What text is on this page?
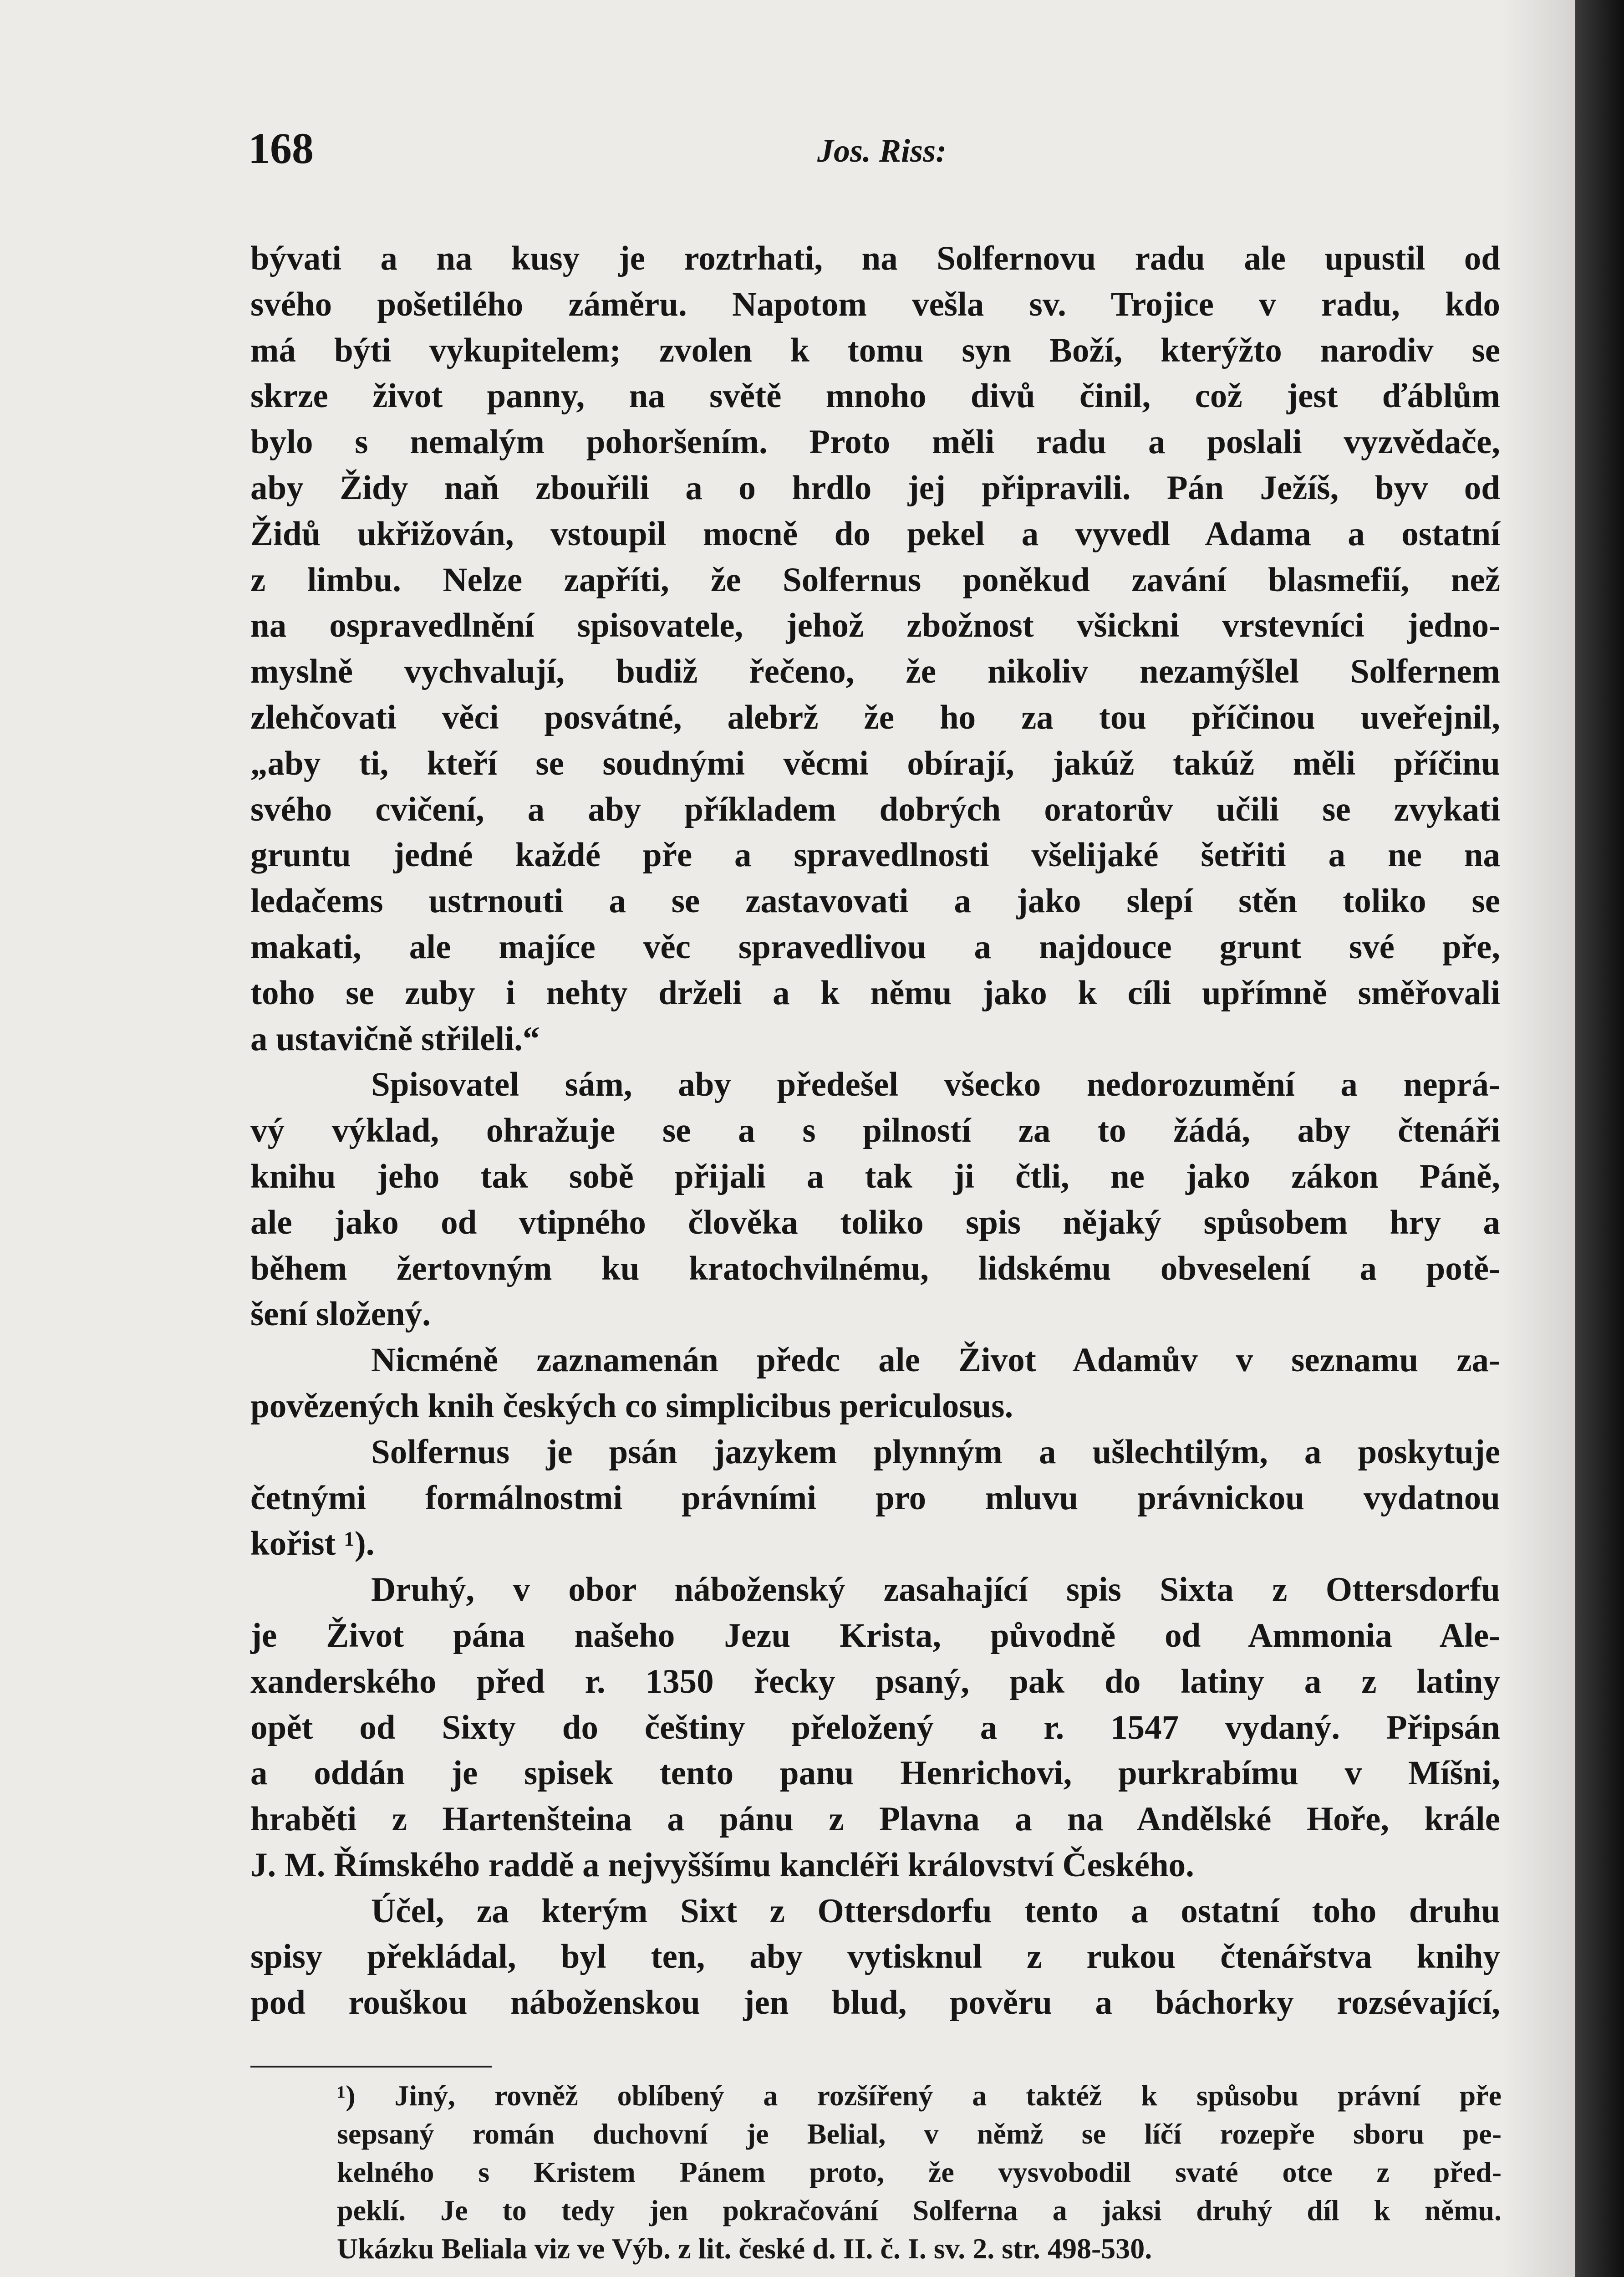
168	Jos. Riss:
bývati a na kusy je roztrhati, na Solfernovu radu ale upustil od
svého pošetilého záměru. Napotom vešla sv. Trojice v radu, kdo
má býti vykupitelem; zvolen k tomu syn Boží, kterýžto narodiv se
skrze život panny, na světě mnoho divů činil, což jest ďáblům
bylo s nemalým pohoršením. Proto měli radu a poslali vyzvědače,
aby Židy naň zbouřili a o hrdlo jej připravili. Pán Ježíš, byv od
Židů ukřižován, vstoupil mocně do pekel a vyvedl Adama a ostatní
z limbu. Nelze zapříti, že Solfernus poněkud zavání blasmefií, než
na ospravedlnění spisovatele, jehož zbožnost všickni vrstevníci jedno-
myslně vychvalují, budiž řečeno, že nikoliv nezamýšlel Solfernem
zlehčovati věci posvátné, alebrž že ho za tou příčinou uveřejnil,
„aby ti, kteří se soudnými věcmi obírají, jakúž takúž měli příčinu
svého cvičení, a aby příkladem dobrých oratorův učili se zvykati
gruntu jedné každé pře a spravedlnosti všelijaké šetřiti a ne na
ledačems ustrnouti a se zastavovati a jako slepí stěn toliko se
makati, ale majíce věc spravedlivou a najdouce grunt své pře,
toho se zuby i nehty drželi a k němu jako k cíli upřímně směřovali
a ustavičně střileli.“
Spisovatel sám, aby předešel všecko nedorozumění a neprá-
vý výklad, ohražuje se a s pilností za to žádá, aby čtenáři
knihu jeho tak sobě přijali a tak ji čtli, ne jako zákon Páně,
ale jako od vtipného člověka toliko spis nějaký spůsobem hry a
během žertovným ku kratochvilnému, lidskému obveselení a potě-
šení složený.
Nicméně zaznamenán předc ale Život Adamův v seznamu za-
povězených knih českých co simplicibus periculosus.
Solfernus je psán jazykem plynným a ušlechtilým, a poskytuje
četnými formálnostmi právními pro mluvu právnickou vydatnou
kořist ¹).
Druhý, v obor náboženský zasahající spis Sixta z Ottersdorfu
je Život pána našeho Jezu Krista, původně od Ammonia Ale-
xanderského před r. 1350 řecky psaný, pak do latiny a z latiny
opět od Sixty do češtiny přeložený a r. 1547 vydaný. Připsán
a oddán je spisek tento panu Henrichovi, purkrabímu v Míšni,
hraběti z Hartenšteina a pánu z Plavna a na Andělské Hoře, krále
J. M. Římského raddě a nejvyššímu kancléři království Českého.
Účel, za kterým Sixt z Ottersdorfu tento a ostatní toho druhu
spisy překládal, byl ten, aby vytisknul z rukou čtenářstva knihy
pod rouškou náboženskou jen blud, pověru a báchorky rozsévající,
¹) Jiný, rovněž oblíbený a rozšířený a taktéž k spůsobu právní pře
sepsaný román duchovní je Belial, v němž se líčí rozepře sboru pe-
kelného s Kristem Pánem proto, že vysvobodil svaté otce z před-
peklí. Je to tedy jen pokračování Solferna a jaksi druhý díl k němu.
Ukázku Beliala viz ve Výb. z lit. české d. II. č. I. sv. 2. str. 498-530.
